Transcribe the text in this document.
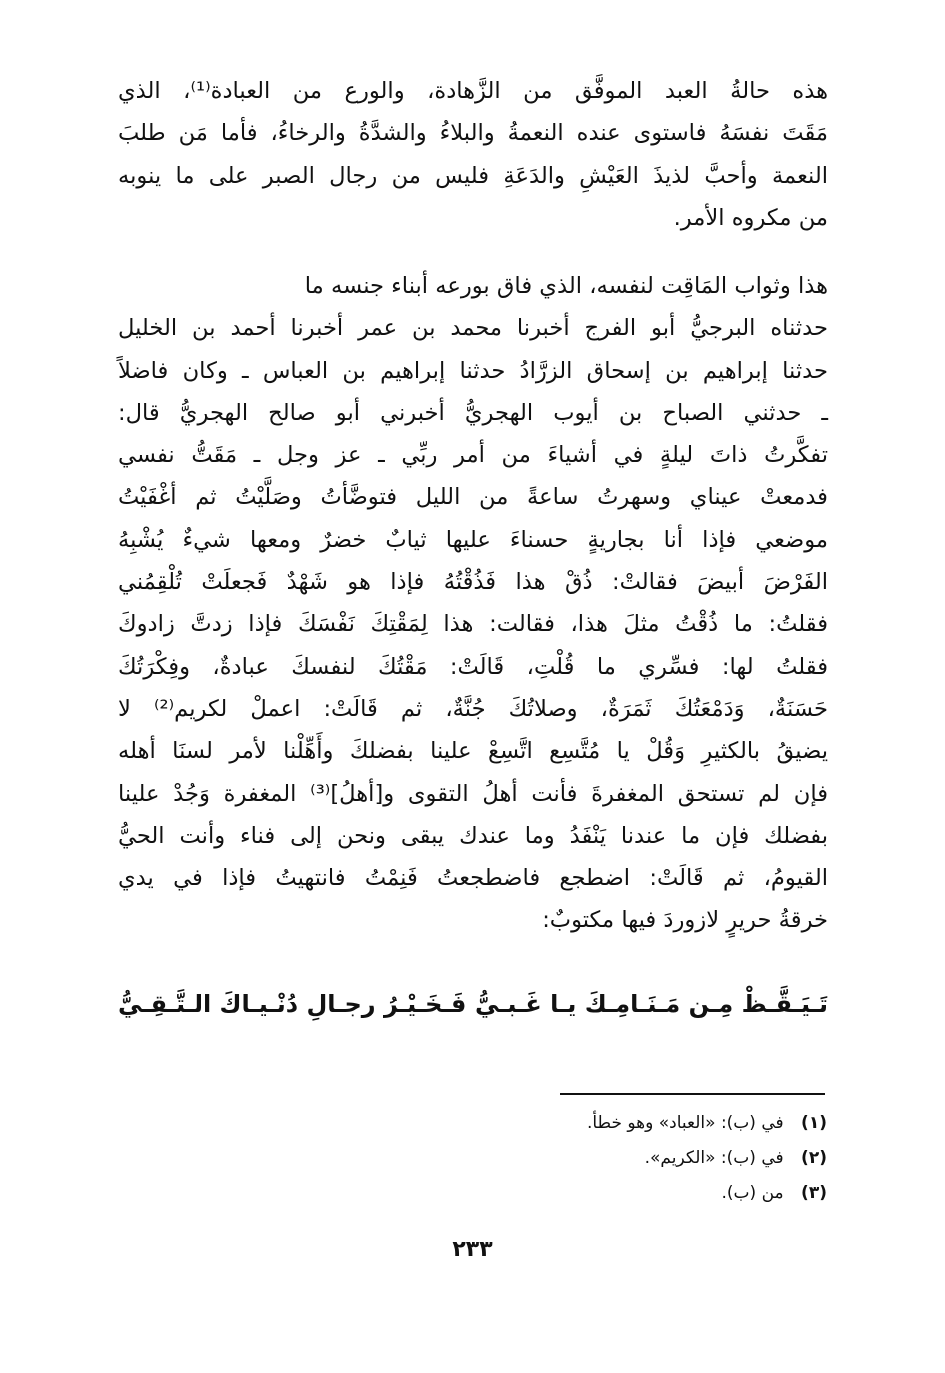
هذه حالةُ العبد الموفَّق من الزَّهادة، والورع من العبادة⁽¹⁾، الذي
مَقَتَ نفسَهُ فاستوى عنده النعمةُ والبلاءُ والشدَّةُ والرخاءُ، فأما مَن طلبَ
النعمة وأحبَّ لذيذَ العَيْشِ والدَعَةِ فليس من رجال الصبر على ما ينوبه
من مكروه الأمر.
هذا وثواب المَاقِت لنفسه، الذي فاق بورعه أبناء جنسه ما
حدثناه البرجيُّ أبو الفرج أخبرنا محمد بن عمر أخبرنا أحمد بن الخليل
حدثنا إبراهيم بن إسحاق الزرَّادُ حدثنا إبراهيم بن العباس ـ وكان فاضلاً
ـ حدثني الصباح بن أيوب الهجريُّ أخبرني أبو صالح الهجريُّ قال:
تفكَّرتُ ذاتَ ليلةٍ في أشياءَ من أمر ربِّي ـ عز وجل ـ مَقَتُّ نفسي
فدمعتْ عيناي وسهرتُ ساعةً من الليل فتوضَّأتُ وصَلَّيْتُ ثم أغْفَيْتُ
موضعي فإذا أنا بجاريةٍ حسناءَ عليها ثيابٌ خضرٌ ومعها شيءٌ يُشْبِهُ
الفَرْضَ أبيضَ فقالتْ: ذُقْ هذا فَذُقْتُهُ فإذا هو شَهْدٌ فَجعلَتْ تُلْقِمُني
فقلتُ: ما ذُقْتُ مثلَ هذا، فقالت: هذا لِمَقْتِكَ نَفْسَكَ فإذا زدتَّ زادوكَ
فقلتُ لها: فسِّري ما قُلْتِ، قَالَتْ: مَقْتُكَ لنفسكَ عبادةٌ، وفِكْرَتُكَ
حَسَنَةٌ، وَدَمْعَتُكَ ثَمَرَةٌ، وصلاتُكَ جُنَّةٌ، ثم قَالَتْ: اعملْ لكريم⁽²⁾ لا
يضيقُ بالكثيرِ وَقُلْ يا مُتَّسِع اتَّسِعْ علينا بفضلكَ وأَهِّلْنا لأمر لسنَا أهله
فإن لم تستحق المغفرةَ فأنت أهلُ التقوى و[أهلُ]⁽³⁾ المغفرة وَجُدْ علينا
بفضلك فإن ما عندنا يَنْفَدُ وما عندك يبقى ونحن إلى فناء وأنت الحيُّ
القيومُ، ثم قَالَتْ: اضطجع فاضطجعتُ فَنِمْتُ فانتهيتُ فإذا في يدي
خرقةُ حريرٍ لازوردَ فيها مكتوبٌ:
تَـيَـقَّـظْ مِـن مَـنَـامِـكَ يـا غَـبـيُّ
فَـخَـيْـرُ رجـالِ دُنْـيـاكَ الـتَّـقِـيُّ
(١) في (ب): «العباد» وهو خطأ.
(٢) في (ب): «الكريم».
(٣) من (ب).
٢٣٣
